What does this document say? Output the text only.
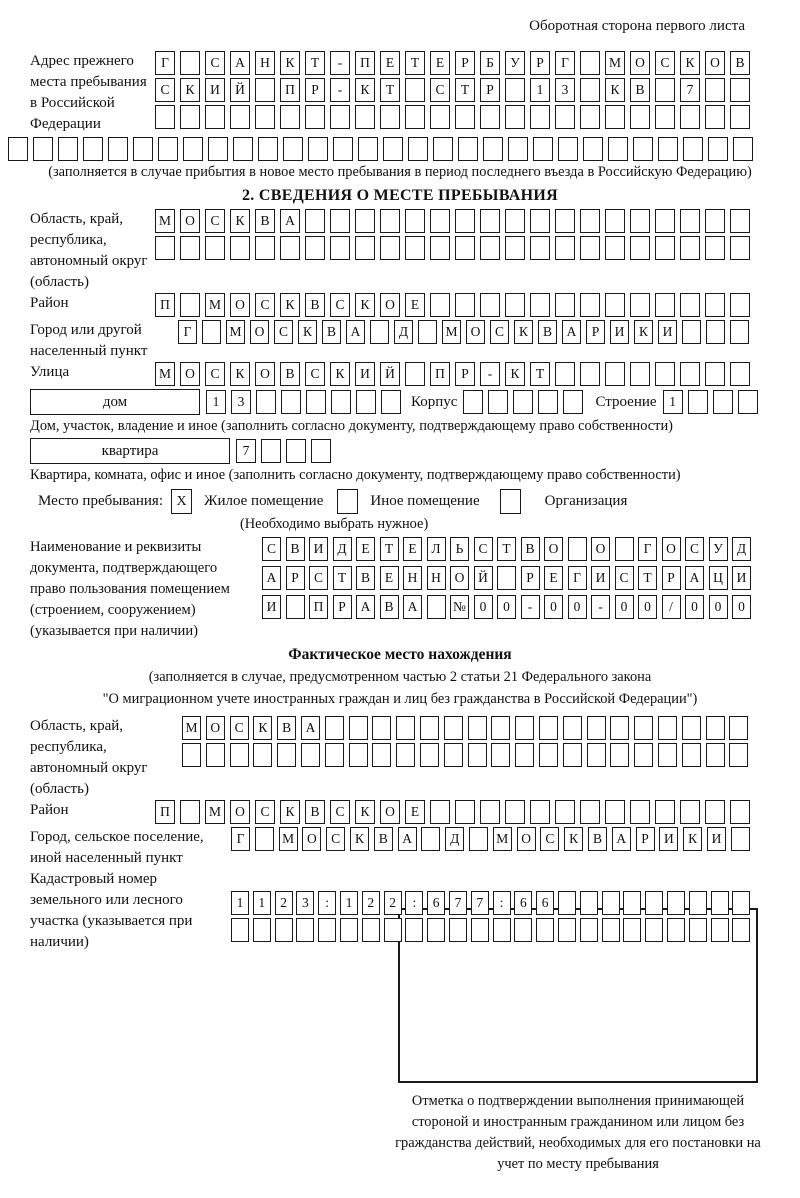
Оборотная сторона первого листа
Адрес прежнего места пребывания в Российской Федерации
Г	С	А	Н	К	Т	-	П	Е	Т	Е	Р	Б	У	Р	Г	М	О	С	К	О	В
С	К	И	Й	П	Р	-	К	Т	С	Т	Р	1	3	К	В	7
(заполняется в случае прибытия в новое место пребывания в период последнего въезда в Российскую Федерацию)
2. СВЕДЕНИЯ О МЕСТЕ ПРЕБЫВАНИЯ
Область, край, республика, автономный округ (область)
М	О	С	К	В	А
Район	П	М	О	С	К	В	С	К	О	Е
Город или другой населенный пункт
Г	М О	С	К	В	А	Д	М О	С	К	В	А	Р	И	К	И
Улица	М	О	С	К	О	В	С	К	И	Й	П	Р	-	К	Т
дом	1	3	Корпус	Строение 1
Дом, участок, владение и иное (заполнить согласно документу, подтверждающему право собственности)
квартира	7
Квартира, комната, офис и иное (заполнить согласно документу, подтверждающему право собственности)
Место пребывания: X	Жилое помещение	Иное помещение	Организация
(Необходимо выбрать нужное)
Наименование и реквизиты документа, подтверждающего право пользования помещением (строением, сооружением) (указывается при наличии)
С	В	И	Д	Е	Т	Е	Л	Ь	С	Т	В	О	О	Г	О	С	У	Д
А	Р	С	Т	В	Е	Н	Н	О	Й	Р	Е	Г	И	С	Т	Р	А	Ц	И
И	П	Р	А	В	А	№	0	0	-	0	0	-	0	0	/	0	0	0
Фактическое место нахождения
(заполняется в случае, предусмотренном частью 2 статьи 21 Федерального закона
"О миграционном учете иностранных граждан и лиц без гражданства в Российской Федерации")
Область, край, республика, автономный округ (область)
М О	С	К	В	А
Район	П	М	О	С	К	В	С	К	О	Е
Город, сельское поселение, иной населенный пункт
Г	М О	С	К	В	А	Д	М О	С	К	В	А	Р	И	К	И
Кадастровый номер земельного или лесного участка (указывается при наличии)
1	1	2	3	:	1	2	2	:	6	7	7	:	6	6
Отметка о подтверждении выполнения принимающей стороной и иностранным гражданином или лицом без гражданства действий, необходимых для его постановки на учет по месту пребывания
